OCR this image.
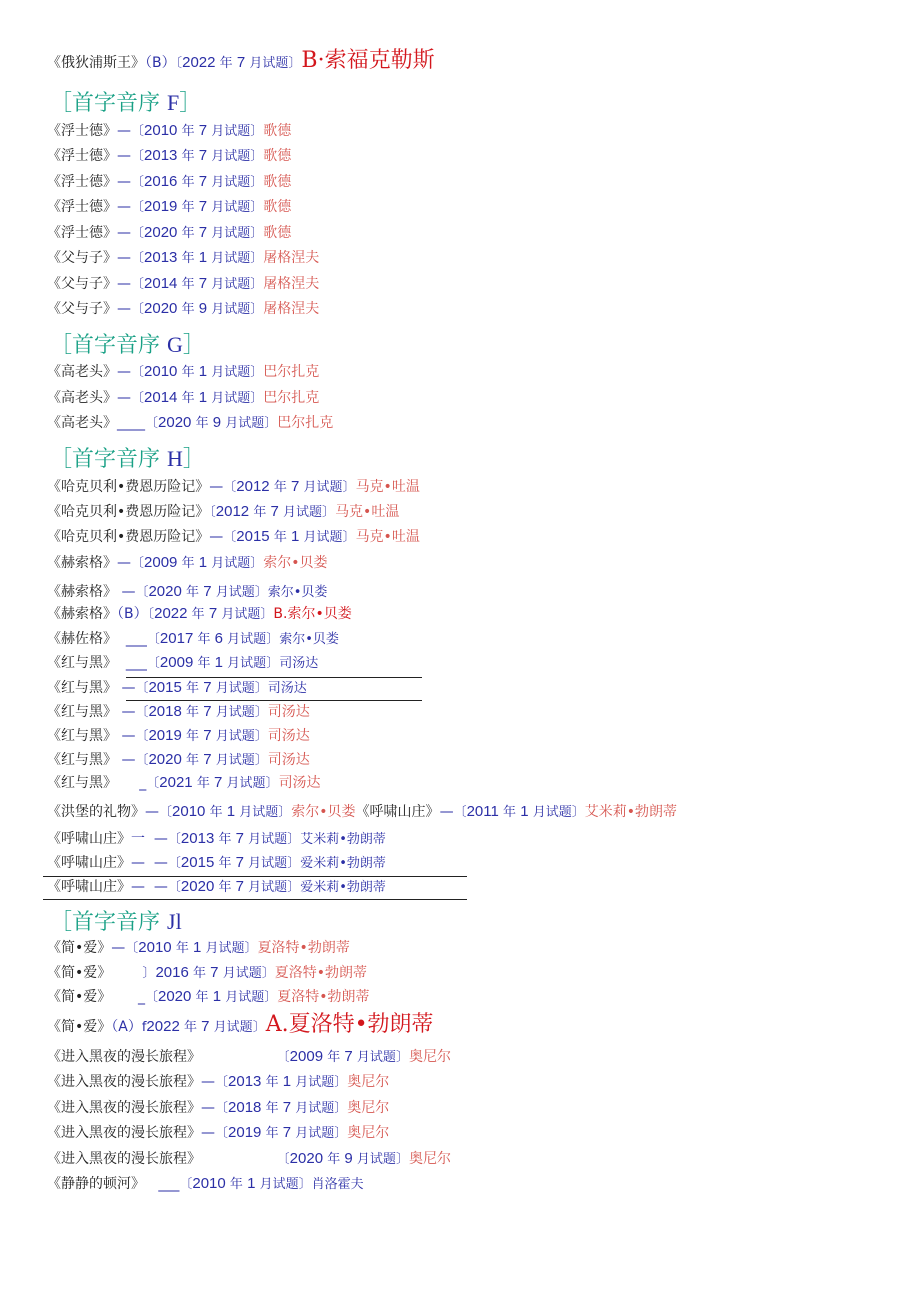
《俄狄浦斯王》（B）〔2022 年 7 月试题〕B·索福克勒斯
［首字音序 F］
《浮士德》—〔2010 年 7 月试题〕歌德
《浮士德》—〔2013 年 7 月试题〕歌德
《浮士德》—〔2016 年 7 月试题〕歌德
《浮士德》—〔2019 年 7 月试题〕歌德
《浮士德》—〔2020 年 7 月试题〕歌德
《父与子》—〔2013 年 1 月试题〕屠格涅夫
《父与子》—〔2014 年 7 月试题〕屠格涅夫
《父与子》—〔2020 年 9 月试题〕屠格涅夫
［首字音序 G］
《高老头》—〔2010 年 1 月试题〕巴尔扎克
《高老头》—〔2014 年 1 月试题〕巴尔扎克
《高老头》____〔2020 年 9 月试题〕巴尔扎克
［首字音序 H］
《哈克贝利•费恩历险记》—〔2012 年 7 月试题〕马克•吐温
《哈克贝利•费恩历险记》〔2012 年 7 月试题〕马克•吐温
《哈克贝利•费恩历险记》—〔2015 年 1 月试题〕马克•吐温
《赫索格》—〔2009 年 1 月试题〕索尔•贝娄
《赫索格》 —〔2020 年 7 月试题〕索尔•贝娄
《赫索格》（B）〔2022 年 7 月试题〕B.索尔•贝娄
《赫佐格》  ___〔2017 年 6 月试题〕索尔•贝娄
《红与黑》  ___〔2009 年 1 月试题〕司汤达
《红与黑》 —〔2015 年 7 月试题〕司汤达
《红与黑》 —〔2018 年 7 月试题〕司汤达
《红与黑》 —〔2019 年 7 月试题〕司汤达
《红与黑》 —〔2020 年 7 月试题〕司汤达
《红与黑》     _〔2021 年 7 月试题〕司汤达
《洪堡的礼物》—〔2010 年 1 月试题〕索尔•贝娄《呼啸山庄》—〔2011 年 1 月试题〕艾米莉•勃朗蒂
《呼啸山庄》一  —〔2013 年 7 月试题〕艾米莉•勃朗蒂
《呼啸山庄》—  —〔2015 年 7 月试题〕爱米莉•勃朗蒂
《呼啸山庄》—  —〔2020 年 7 月试题〕爱米莉•勃朗蒂
［首字音序 Jl
《简•爱》—〔2010 年 1 月试题〕夏洛特•勃朗蒂
《简•爱》 〕2016 年 7 月试题〕夏洛特•勃朗蒂
《简•爱》      _〔2020 年 1 月试题〕夏洛特•勃朗蒂
《简•爱》（A）f2022 年 7 月试题〕A.夏洛特•勃朗蒂
《进入黑夜的漫长旅程》	〔2009 年 7 月试题〕奥尼尔
《进入黑夜的漫长旅程》—〔2013 年 1 月试题〕奥尼尔
《进入黑夜的漫长旅程》—〔2018 年 7 月试题〕奥尼尔
《进入黑夜的漫长旅程》—〔2019 年 7 月试题〕奥尼尔
《进入黑夜的漫长旅程》	〔2020 年 9 月试题〕奥尼尔
《静静的顿河》   ___〔2010 年 1 月试题〕肖洛霍夫
